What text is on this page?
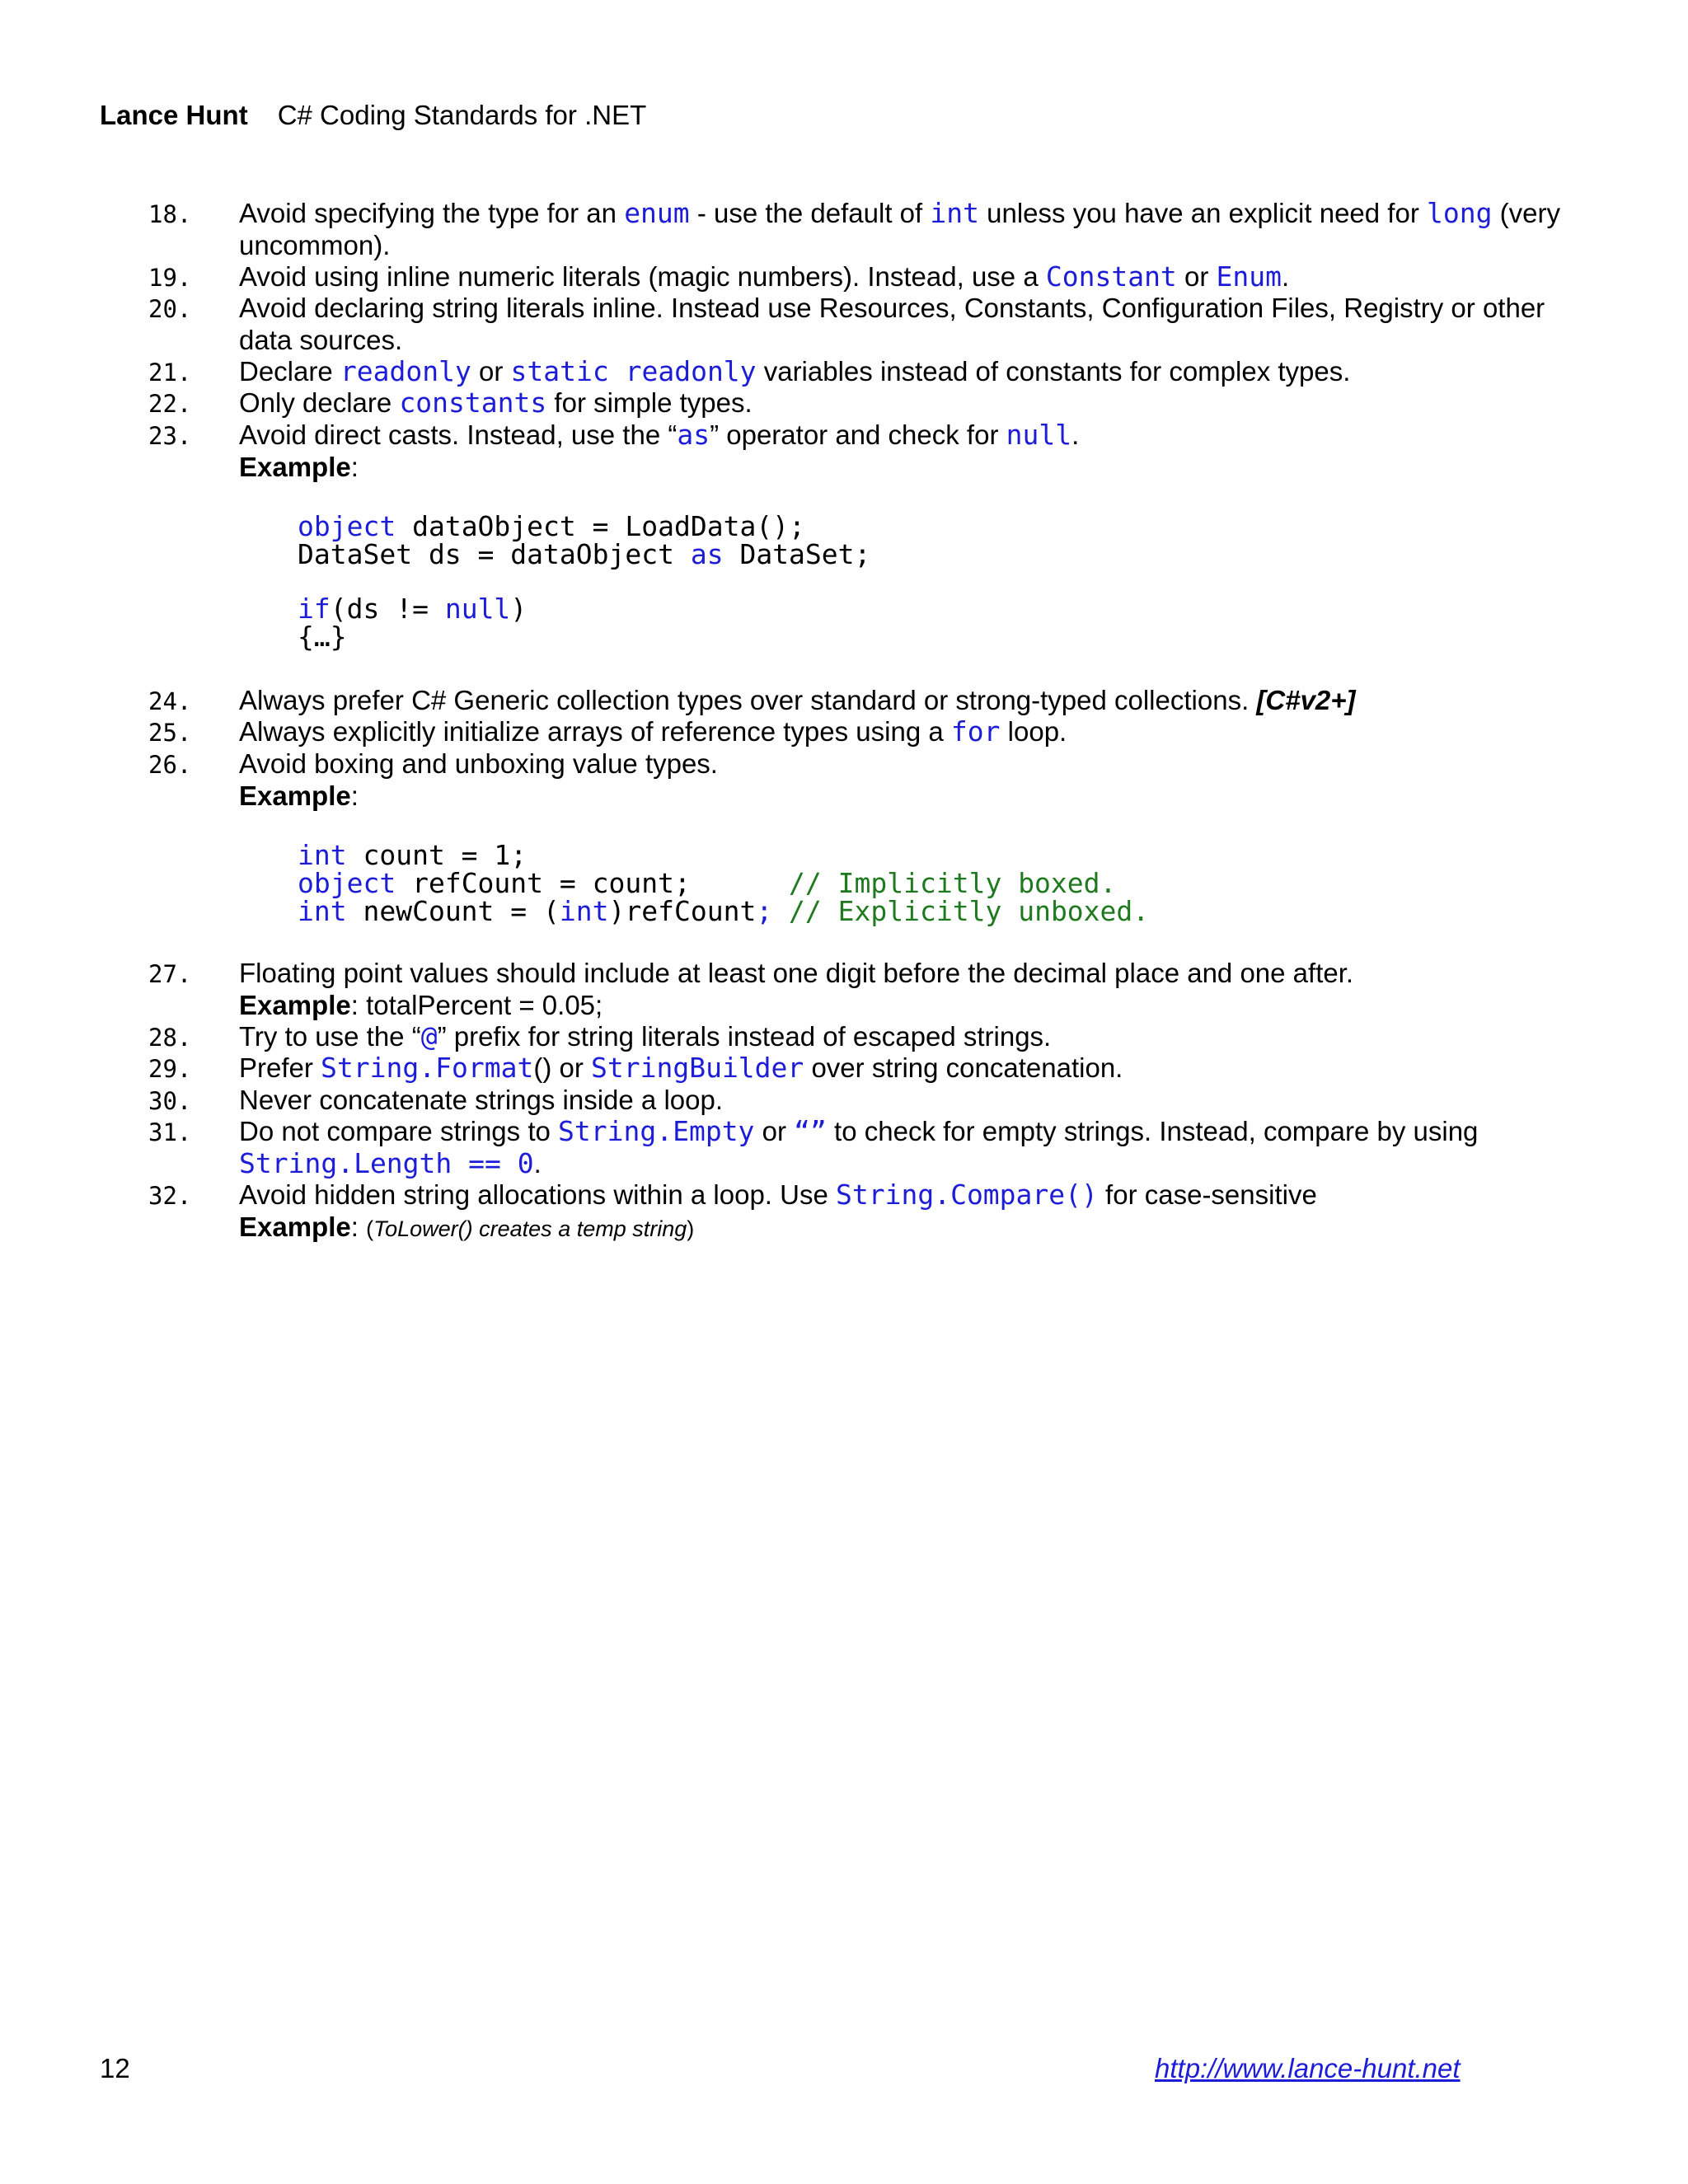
Lance Hunt C# Coding Standards for .NET
18.	Avoid specifying the type for an enum - use the default of int unless you have an explicit need for long (very uncommon).
19.	Avoid using inline numeric literals (magic numbers). Instead, use a Constant or Enum.
20.	Avoid declaring string literals inline. Instead use Resources, Constants, Configuration Files, Registry or other data sources.
21.	Declare readonly or static readonly variables instead of constants for complex types.
22.	Only declare constants for simple types.
23.	Avoid direct casts. Instead, use the “as” operator and check for null.
Example:
object dataObject = LoadData();
DataSet ds = dataObject as DataSet;
if(ds != null)
{…}
24.	Always prefer C# Generic collection types over standard or strong-typed collections. [C#v2+]
25.	Always explicitly initialize arrays of reference types using a for loop.
26.	Avoid boxing and unboxing value types.
Example:
int count = 1;
object refCount = count;      // Implicitly boxed.
int newCount = (int)refCount; // Explicitly unboxed.
27.	Floating point values should include at least one digit before the decimal place and one after.
Example: totalPercent = 0.05;
28.	Try to use the “@” prefix for string literals instead of escaped strings.
29.	Prefer String.Format() or StringBuilder over string concatenation.
30.	Never concatenate strings inside a loop.
31.	Do not compare strings to String.Empty or “” to check for empty strings. Instead, compare by using
String.Length == 0.
32.	Avoid hidden string allocations within a loop. Use String.Compare() for case-sensitive
Example: (ToLower() creates a temp string)
12	http://www.lance-hunt.net
